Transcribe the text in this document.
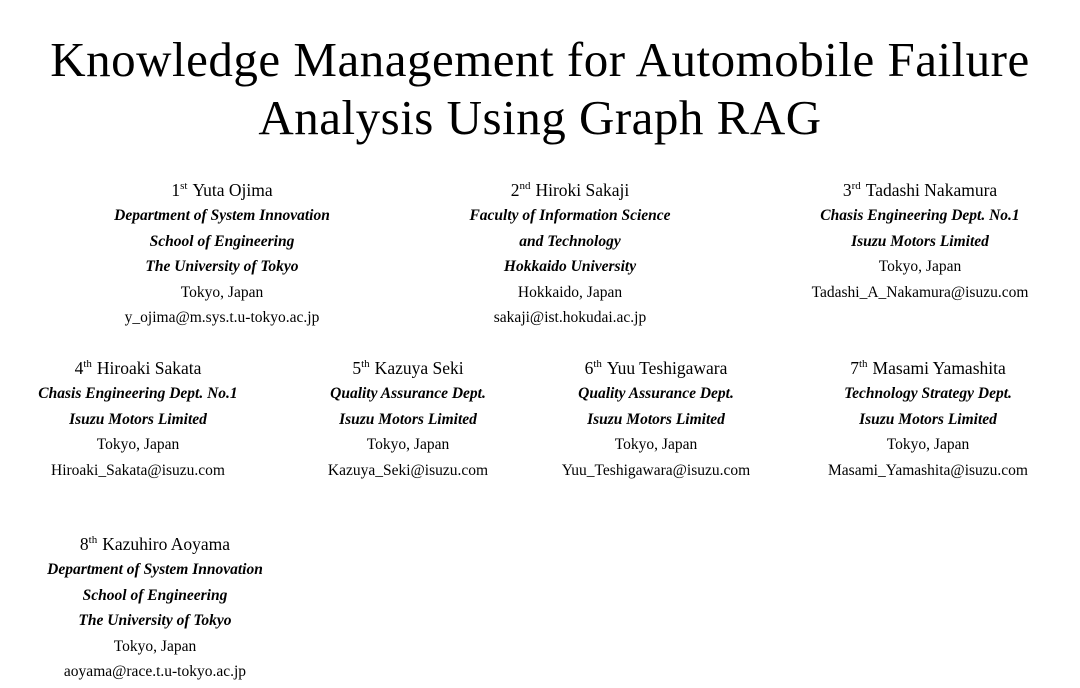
Knowledge Management for Automobile Failure
Analysis Using Graph RAG
1st Yuta Ojima
Department of System Innovation
School of Engineering
The University of Tokyo
Tokyo, Japan
y_ojima@m.sys.t.u-tokyo.ac.jp
2nd Hiroki Sakaji
Faculty of Information Science
and Technology
Hokkaido University
Hokkaido, Japan
sakaji@ist.hokudai.ac.jp
3rd Tadashi Nakamura
Chasis Engineering Dept. No.1
Isuzu Motors Limited
Tokyo, Japan
Tadashi_A_Nakamura@isuzu.com
4th Hiroaki Sakata
Chasis Engineering Dept. No.1
Isuzu Motors Limited
Tokyo, Japan
Hiroaki_Sakata@isuzu.com
5th Kazuya Seki
Quality Assurance Dept.
Isuzu Motors Limited
Tokyo, Japan
Kazuya_Seki@isuzu.com
6th Yuu Teshigawara
Quality Assurance Dept.
Isuzu Motors Limited
Tokyo, Japan
Yuu_Teshigawara@isuzu.com
7th Masami Yamashita
Technology Strategy Dept.
Isuzu Motors Limited
Tokyo, Japan
Masami_Yamashita@isuzu.com
8th Kazuhiro Aoyama
Department of System Innovation
School of Engineering
The University of Tokyo
Tokyo, Japan
aoyama@race.t.u-tokyo.ac.jp
